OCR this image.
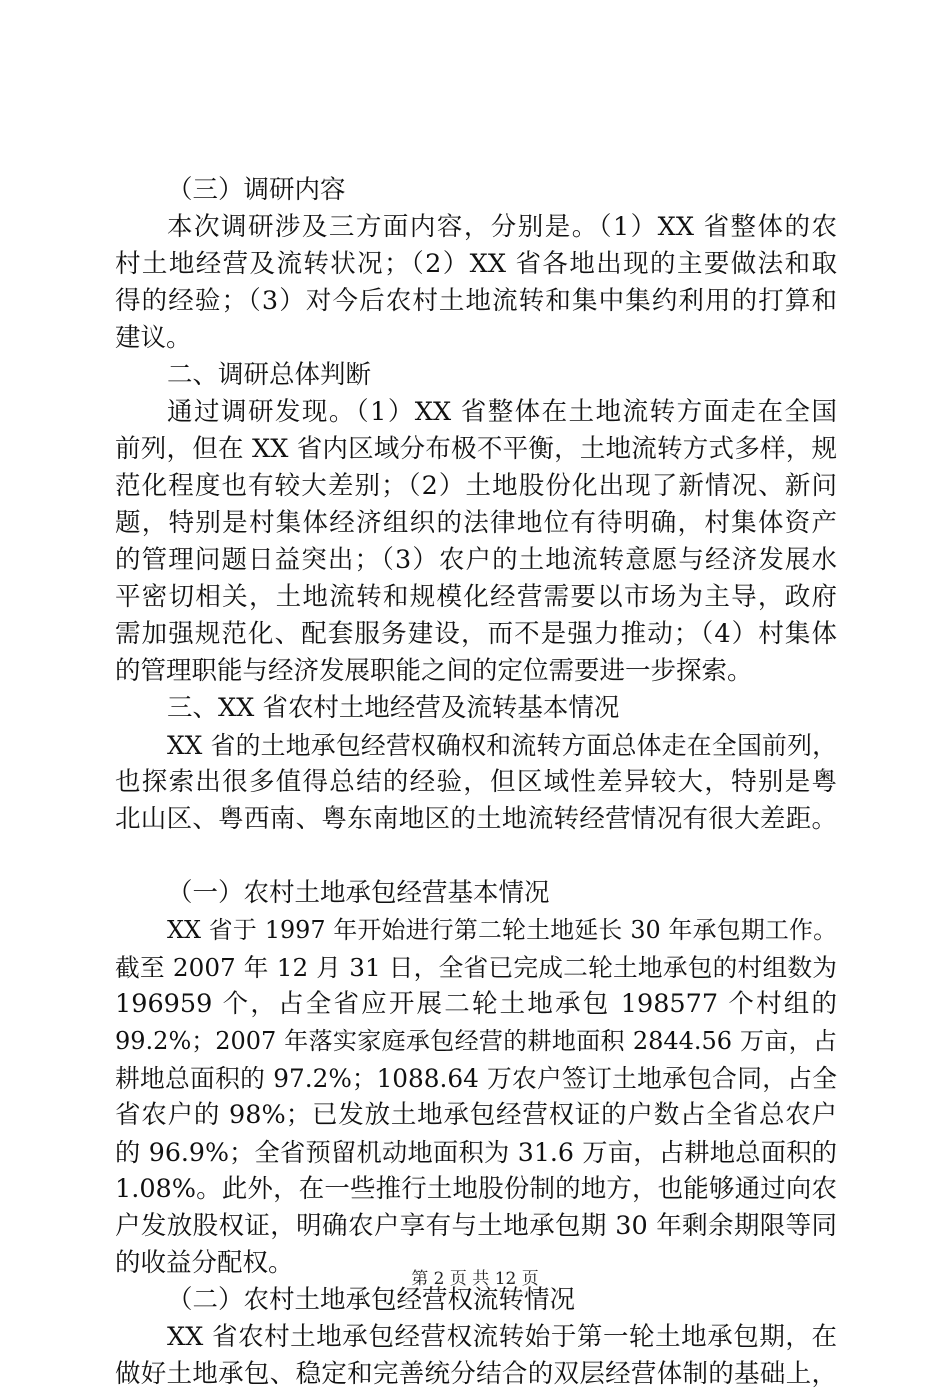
（三）调研内容
本次调研涉及三方面内容，分别是。（1）XX 省整体的农
村土地经营及流转状况；（2）XX 省各地出现的主要做法和取
得的经验；（3）对今后农村土地流转和集中集约利用的打算和
建议。
二、调研总体判断
通过调研发现。（1）XX 省整体在土地流转方面走在全国
前列，但在 XX 省内区域分布极不平衡，土地流转方式多样，规
范化程度也有较大差别；（2）土地股份化出现了新情况、新问
题，特别是村集体经济组织的法律地位有待明确，村集体资产
的管理问题日益突出；（3）农户的土地流转意愿与经济发展水
平密切相关，土地流转和规模化经营需要以市场为主导，政府
需加强规范化、配套服务建设，而不是强力推动；（4）村集体
的管理职能与经济发展职能之间的定位需要进一步探索。
三、XX 省农村土地经营及流转基本情况
XX 省的土地承包经营权确权和流转方面总体走在全国前列，
也探索出很多值得总结的经验，但区域性差异较大，特别是粤
北山区、粤西南、粤东南地区的土地流转经营情况有很大差距。
（一）农村土地承包经营基本情况
XX 省于 1997 年开始进行第二轮土地延长 30 年承包期工作。
截至 2007 年 12 月 31 日，全省已完成二轮土地承包的村组数为
196959 个，占全省应开展二轮土地承包 198577 个村组的
99.2%；2007 年落实家庭承包经营的耕地面积 2844.56 万亩，占
耕地总面积的 97.2%；1088.64 万农户签订土地承包合同，占全
省农户的 98%；已发放土地承包经营权证的户数占全省总农户
的 96.9%；全省预留机动地面积为 31.6 万亩，占耕地总面积的
1.08%。此外，在一些推行土地股份制的地方，也能够通过向农
户发放股权证，明确农户享有与土地承包期 30 年剩余期限等同
的收益分配权。
（二）农村土地承包经营权流转情况
XX 省农村土地承包经营权流转始于第一轮土地承包期，在
做好土地承包、稳定和完善统分结合的双层经营体制的基础上，
第 2 页 共 12 页
